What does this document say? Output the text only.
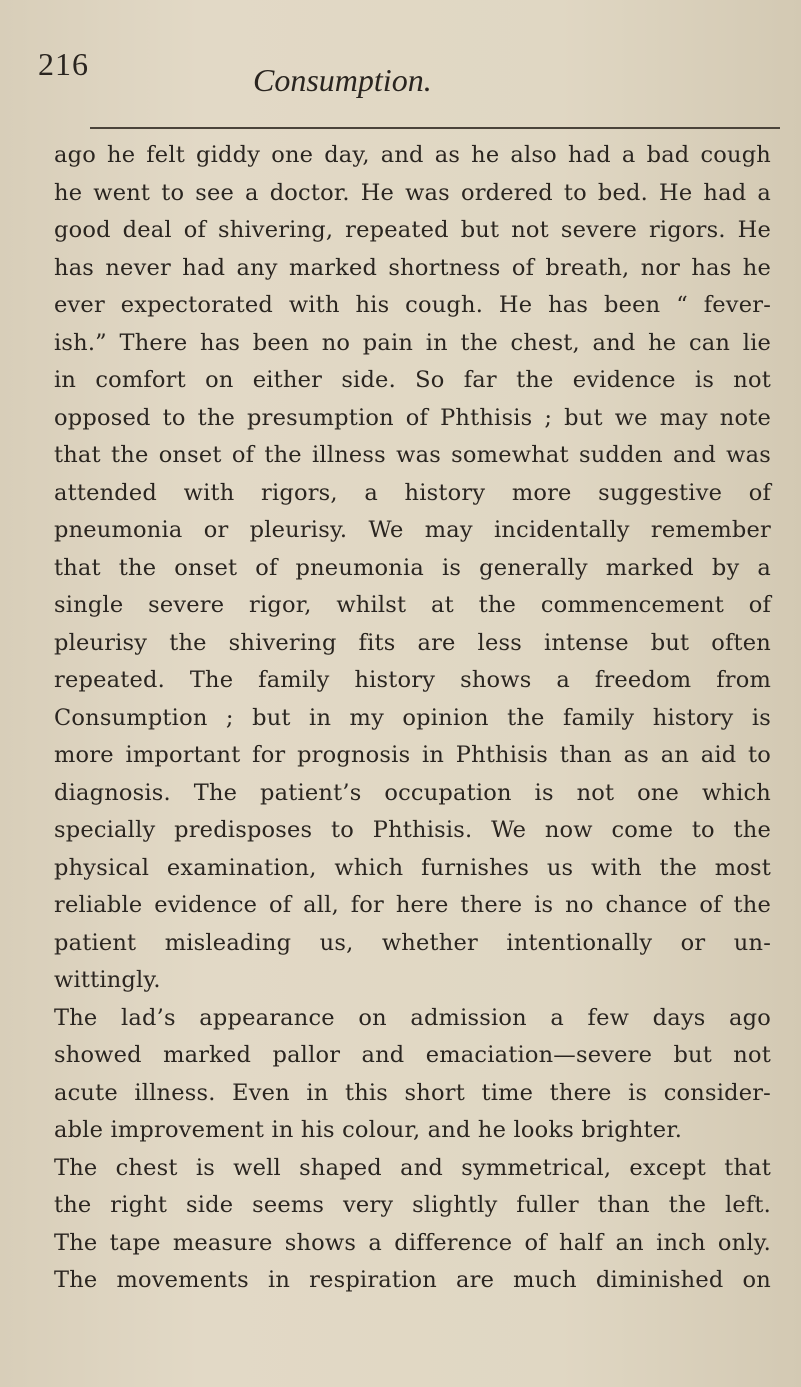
216	Consumption.
ago he felt giddy one day, and as he also had a bad cough
he went to see a doctor. He was ordered to bed. He had a
good deal of shivering, repeated but not severe rigors. He
has never had any marked shortness of breath, nor has he
ever expectorated with his cough. He has been “ fever-
ish.” There has been no pain in the chest, and he can lie
in comfort on either side. So far the evidence is not
opposed to the presumption of Phthisis ; but we may note
that the onset of the illness was somewhat sudden and was
attended with rigors, a history more suggestive of
pneumonia or pleurisy. We may incidentally remember
that the onset of pneumonia is generally marked by a
single severe rigor, whilst at the commencement of
pleurisy the shivering fits are less intense but often
repeated. The family history shows a freedom from
Consumption ; but in my opinion the family history is
more important for prognosis in Phthisis than as an aid to
diagnosis. The patient’s occupation is not one which
specially predisposes to Phthisis. We now come to the
physical examination, which furnishes us with the most
reliable evidence of all, for here there is no chance of the
patient misleading us, whether intentionally or un-
wittingly.
The lad’s appearance on admission a few days ago
showed marked pallor and emaciation—severe but not
acute illness. Even in this short time there is consider-
able improvement in his colour, and he looks brighter.
The chest is well shaped and symmetrical, except that
the right side seems very slightly fuller than the left.
The tape measure shows a difference of half an inch only.
The movements in respiration are much diminished on
